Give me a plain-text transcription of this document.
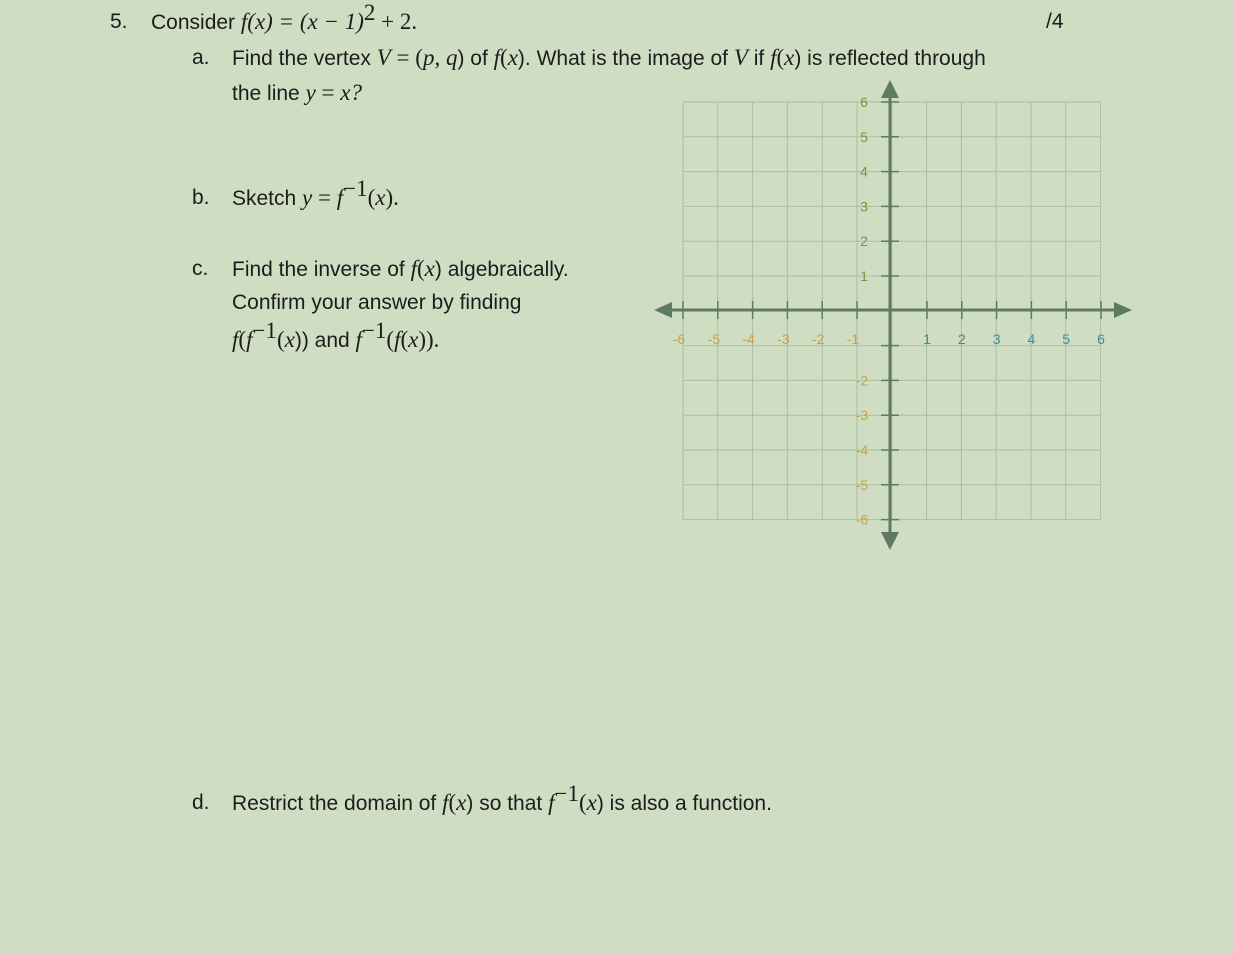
5. Consider $f(x) = (x - 1)^2 + 2$.	/4
a. Find the vertex V = (p, q) of f(x). What is the image of V if f(x) is reflected through
the line y = x?
b. Sketch $y = f^{-1}(x)$.
c. Find the inverse of f(x) algebraically.
Confirm your answer by finding
$f(f^{-1}(x))$ and $f^{-1}(f(x))$.	-6 -5 -4 -3 -2 -1	1 2 3 4 5 6
6
5
4
3
2
1
-2
-3
-4
-5
-6
d. Restrict the domain of f(x) so that $f^{-1}(x)$ is also a function.
